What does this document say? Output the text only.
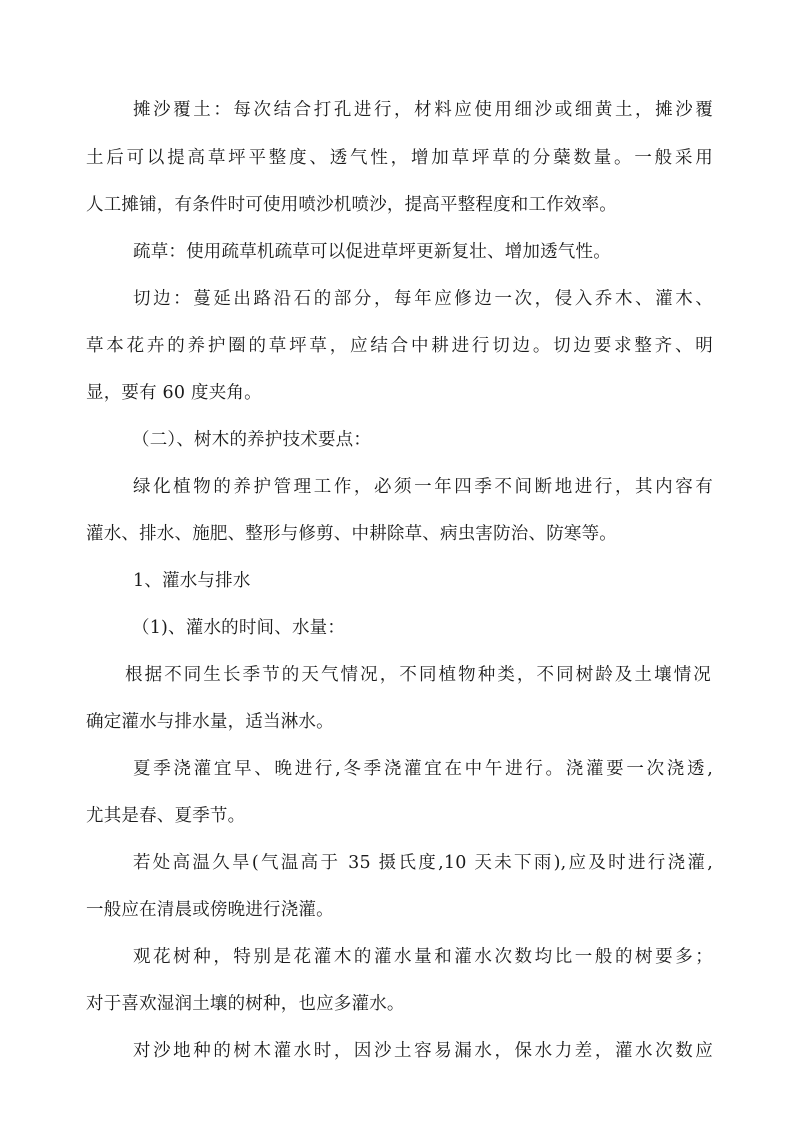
摊沙覆土：每次结合打孔进行，材料应使用细沙或细黄土，摊沙覆
土后可以提高草坪平整度、透气性，增加草坪草的分蘖数量。一般采用
人工摊铺，有条件时可使用喷沙机喷沙，提高平整程度和工作效率。
疏草：使用疏草机疏草可以促进草坪更新复壮、增加透气性。
切边：蔓延出路沿石的部分，每年应修边一次，侵入乔木、灌木、
草本花卉的养护圈的草坪草，应结合中耕进行切边。切边要求整齐、明
显，要有 60 度夹角。
（二）、树木的养护技术要点：
绿化植物的养护管理工作，必须一年四季不间断地进行，其内容有
灌水、排水、施肥、整形与修剪、中耕除草、病虫害防治、防寒等。
1、灌水与排水
（1)、灌水的时间、水量：
根据不同生长季节的天气情况，不同植物种类，不同树龄及土壤情况
确定灌水与排水量，适当淋水。
夏季浇灌宜早、晚进行,冬季浇灌宜在中午进行。浇灌要一次浇透,
尤其是春、夏季节。
若处高温久旱(气温高于 35 摄氏度,10 天未下雨),应及时进行浇灌,
一般应在清晨或傍晚进行浇灌。
观花树种，特别是花灌木的灌水量和灌水次数均比一般的树要多；
对于喜欢湿润土壤的树种，也应多灌水。
对沙地种的树木灌水时，因沙土容易漏水，保水力差，灌水次数应
